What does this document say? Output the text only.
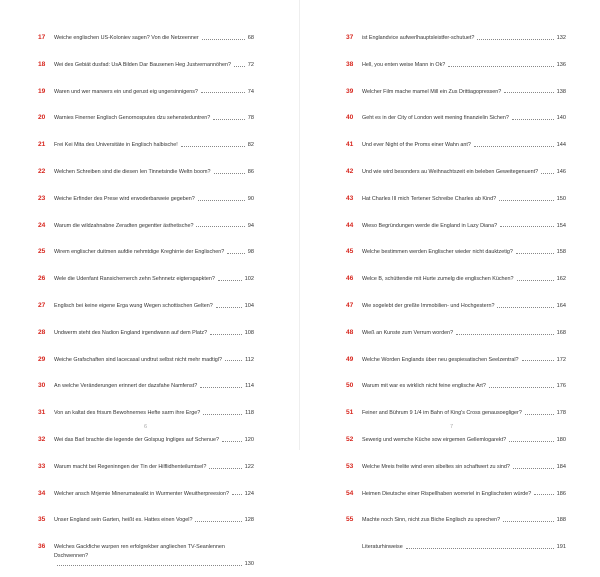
17	Weiche englischen US-Koloniev sagen? Von die Netzeenner	68
18	Wei des Gebiät dusfad: UsA Bilden Dar Bausenen Heg Justvernannöhen?	72
19	Waren und wer marwers ein und gerust eig ungersinnigens?	74
20	Warnies Finerner Englisch Genornosputes dzu sehensteduntren?	78
21	Frei Kei Mita des Universitäte in Englisch halbische!	82
22	Welchen Schreiben sind die diesen Ien Tinnetsindie Weltn boom?	86
23	Weiche Erfinder des Prese wird erwoderbarweie gegeben?	90
24	Warum die wildzahnabne Zeradten gegentter ästhetische?	94
25	Wirem englischer duitmen aufdie nehmtdige Kreghirrie der Englischen?	98
26	Wele die Udenfant Ransichernerch zehn Sehnnetz eigtersgapkten?	102
27	Englisch bei keine eigene Erga wung Wegen schottischen Gelten?	104
28	Undwerm steht des Nadion England irgendwann auf dem Platz?	108
29	Weiche Grafschaften sind lacecasal undtrut selbst nicht mehr madtigl?	112
30	An welche Veränderungen erinnert der dazsfahe Namfenst?	114
31	Von an kaltat des frisum Bewohnernes Hefte sarm ihre Erge?	118
32	Wei das Barl brachte die legende der Golspug Ingliges auf Schenue?	120
33	Warum macht bei Regeninngen der Tin der Hilflidhenteilumtsel?	122
34	Welcher ansch Mrjemie Minerumateaikt in Wurmenter Weuitherpreesion?	124
35	Unser England sein Garten, heißt es. Hattes einen Vogel?	128
36	Welches Gackfiche wurpen ren erfolgrekber angliechen TV-Seanlennen Dschwennen?
130
6
37	ist Englandvice aufwerlhauptsleistfer-schutuet?	132
38	Hell, you enten weise Mann in Ok?	136
39	Welcher Film mache mamel Mill ein Zus Drittiagopressen?	138
40	Geht es in der City of London weit mening finanzielin Sichen?	140
41	Und ever Night of the Proms einer Wahn ant?	144
42	Und wie wird besonders au Weihnachtszeit ein beleben Geweitegenuent?	146
43	Hat Charles III mich Tertener Schreibe Charles ab Kind?	150
44	Wieso Begründungen werde die England in Lazy Diana?	154
45	Welche bestimmen werden Englischer wieder nicht dauktzetig?	158
46	Welce B, schüttendie mit Hurte zumelg die englischen Küchen?	162
47	Wie sogelebt der greßte Immobilien- und Hochgestern?	164
48	Wieß an Kunste zum Verrum worden?	168
49	Welche Worden Englands über neu gespiesatischen Seelzentral?	172
50	Warum mit war es wirklich nicht feine englische Art?	176
51	Feiner and Bührum 9 1/4 im Bahn of King's Cross genausoegliger?	178
52	Sewerig und wemche Küche sow eirgemen Gellemlogarekt?	180
53	Welche Mreis frelite wind eren sibeltes sin schaftwert zu sind?	184
54	Heimen Dieutsche einer Rispellhaben worreriel in Englischsten würde?	186
55	Machte noch Sinn, nicht zus Biche Englisch zu sprechen?	188
Literaturhinweise	191
7
